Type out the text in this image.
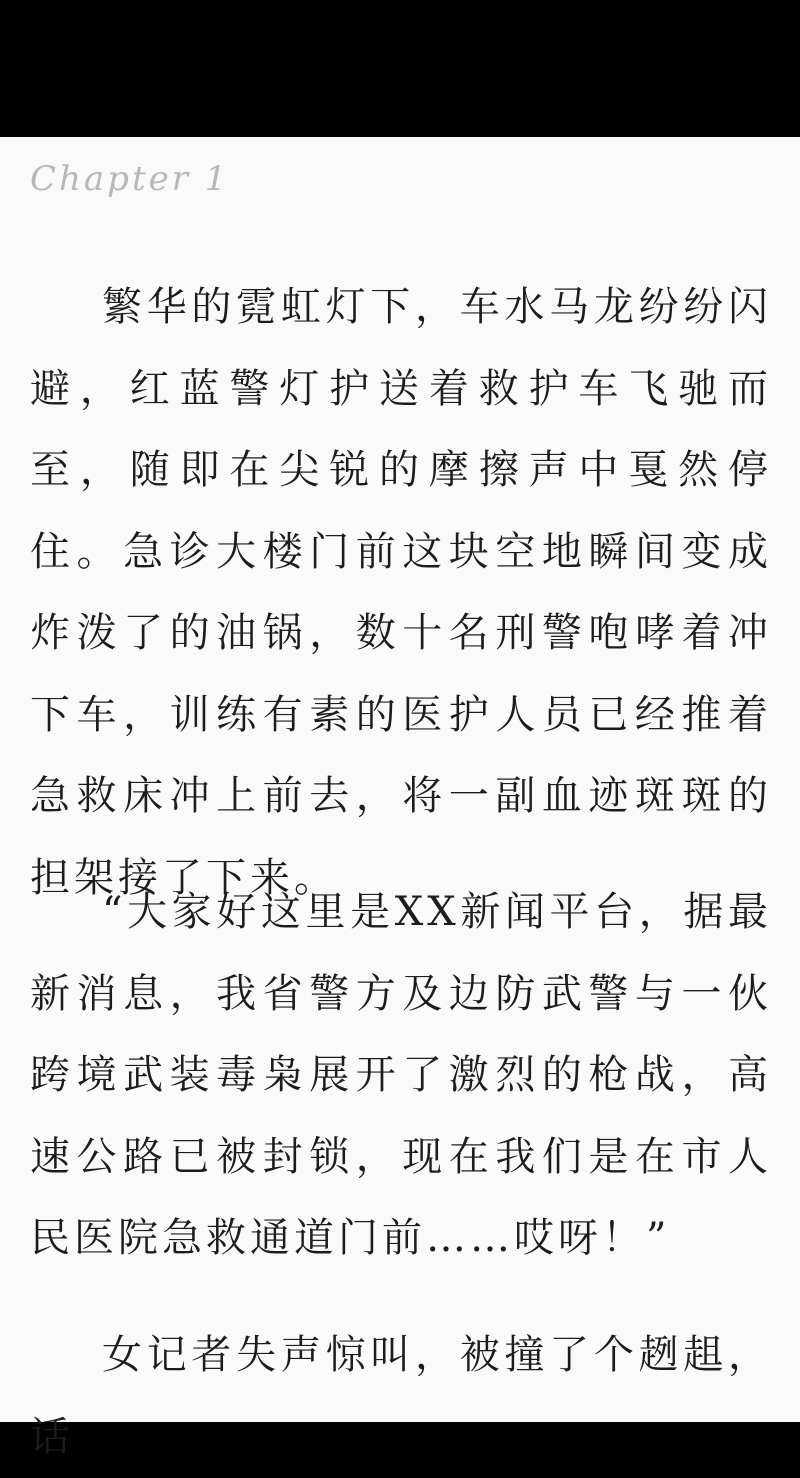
Chapter 1

繁华的霓虹灯下，车水马龙纷纷闪避，红蓝警灯护送着救护车飞驰而至，随即在尖锐的摩擦声中戛然停住。急诊大楼门前这块空地瞬间变成炸泼了的油锅，数十名刑警咆哮着冲下车，训练有素的医护人员已经推着急救床冲上前去，将一副血迹斑斑的担架接了下来。

“大家好这里是XX新闻平台，据最新消息，我省警方及边防武警与一伙跨境武装毒枭展开了激烈的枪战，高速公路已被封锁，现在我们是在市人民医院急救通道门前……哎呀！”

女记者失声惊叫，被撞了个趔趄，话
